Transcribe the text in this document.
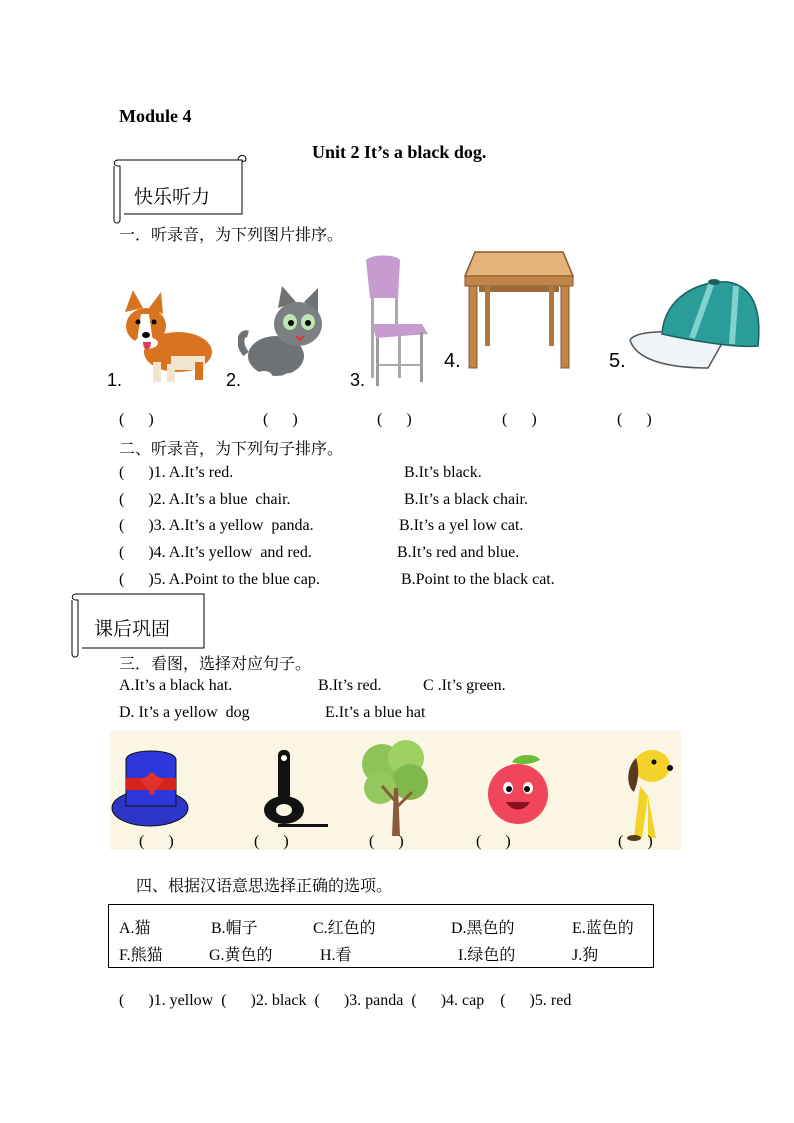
Module 4
Unit 2 It’s a black dog.
快乐听力
一．听录音，为下列图片排序。
1.	2.	3.
4.	5.
(      )	(      )	(      )	(      )	(      )
二、听录音，为下列句子排序。
(      )1. A.It’s red.	B.It’s black.
(      )2. A.It’s a blue  chair.	B.It’s a black chair.
(      )3. A.It’s a yellow  panda.	B.It’s a yel low cat.
(      )4. A.It’s yellow  and red.	B.It’s red and blue.
(      )5. A.Point to the blue cap.	B.Point to the black cat.
课后巩固
三．看图，选择对应句子。
A.It’s a black hat.	B.It’s red.	C .It’s green.
D. It’s a yellow  dog	E.It’s a blue hat
(      )	(      )	(      )	(      )	(      )
四、根据汉语意思选择正确的选项。
A.猫	B.帽子	C.红色的	D.黑色的	E.蓝色的
F.熊猫	G.黄色的	H.看	I.绿色的	J.狗
(      )1. yellow  (      )2. black  (      )3. panda  (      )4. cap    (      )5. red
